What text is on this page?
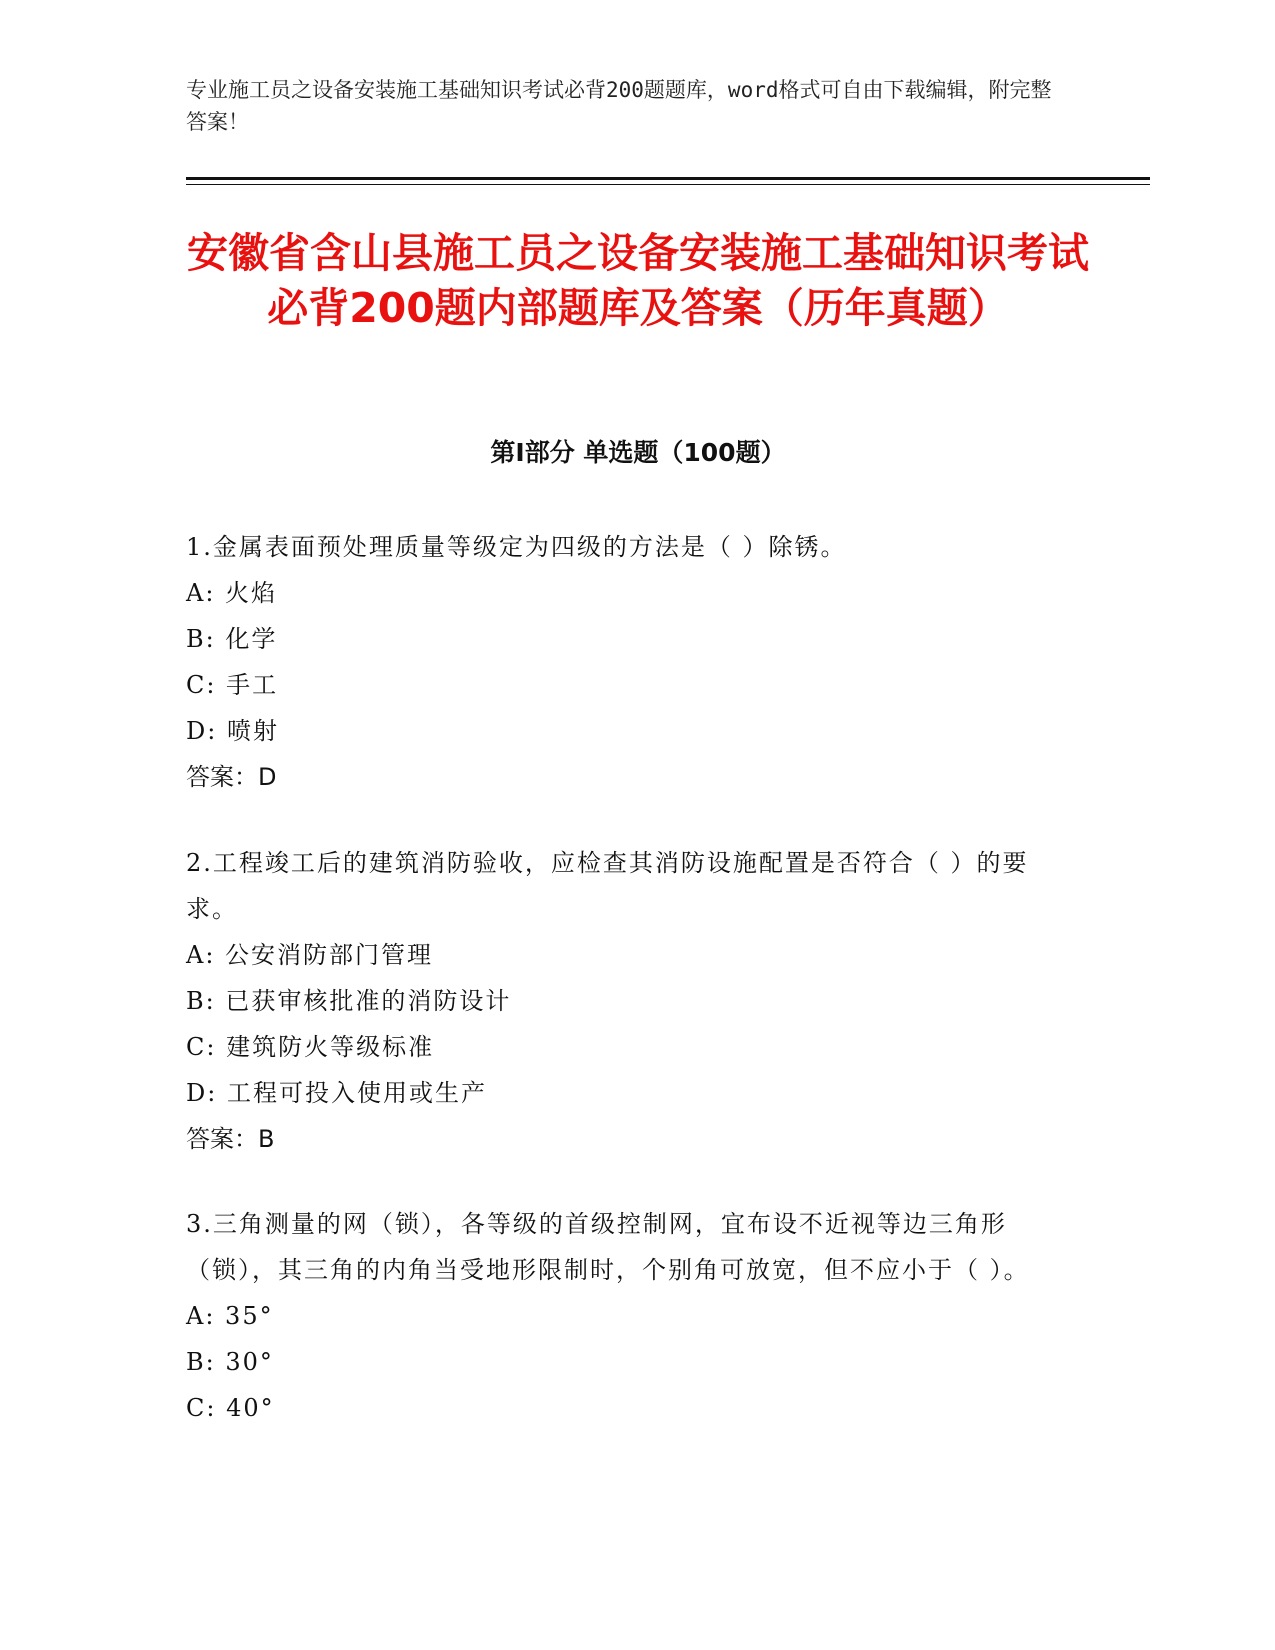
专业施工员之设备安装施工基础知识考试必背200题题库，word格式可自由下载编辑，附完整答案！

安徽省含山县施工员之设备安装施工基础知识考试必背200题内部题库及答案（历年真题）
第Ⅰ部分 单选题（100题）

1.金属表面预处理质量等级定为四级的方法是（ ）除锈。

A: 火焰

B: 化学

C: 手工

D: 喷射

答案：D

2.工程竣工后的建筑消防验收，应检查其消防设施配置是否符合（ ）的要求。

A: 公安消防部门管理

B: 已获审核批准的消防设计

C: 建筑防火等级标准

D: 工程可投入使用或生产

答案：B

3.三角测量的网（锁），各等级的首级控制网，宜布设不近视等边三角形（锁），其三角的内角当受地形限制时，个别角可放宽，但不应小于（ ）。

A: 35°

B: 30°

C: 40°
